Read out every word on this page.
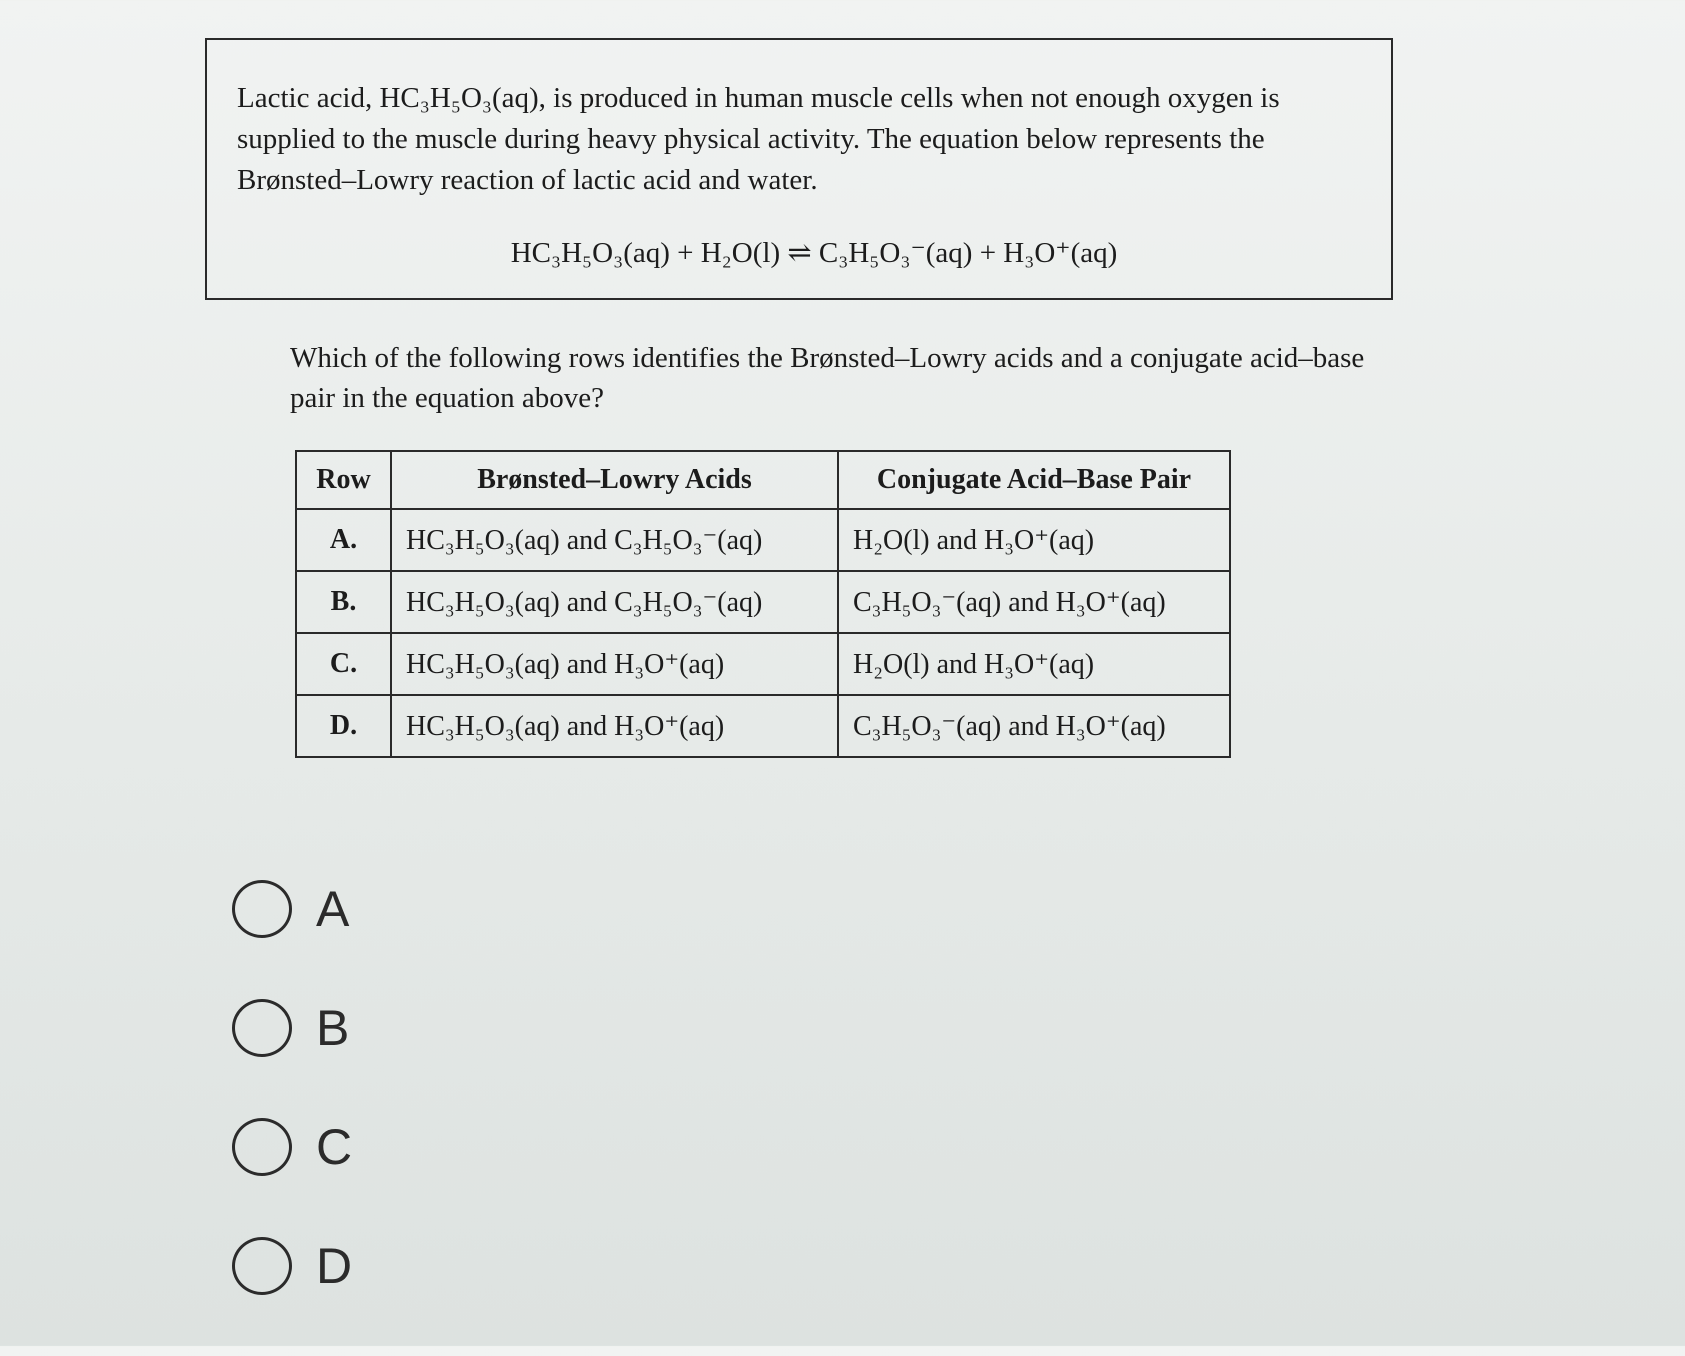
Lactic acid, HC₃H₅O₃(aq), is produced in human muscle cells when not enough oxygen is supplied to the muscle during heavy physical activity. The equation below represents the Brønsted–Lowry reaction of lactic acid and water.

HC₃H₅O₃(aq) + H₂O(l) ⇌ C₃H₅O₃⁻(aq) + H₃O⁺(aq)

Which of the following rows identifies the Brønsted–Lowry acids and a conjugate acid–base pair in the equation above?

Row	Brønsted–Lowry Acids	Conjugate Acid–Base Pair
A.	HC₃H₅O₃(aq) and C₃H₅O₃⁻(aq)	H₂O(l) and H₃O⁺(aq)
B.	HC₃H₅O₃(aq) and C₃H₅O₃⁻(aq)	C₃H₅O₃⁻(aq) and H₃O⁺(aq)
C.	HC₃H₅O₃(aq) and H₃O⁺(aq)	H₂O(l) and H₃O⁺(aq)
D.	HC₃H₅O₃(aq) and H₃O⁺(aq)	C₃H₅O₃⁻(aq) and H₃O⁺(aq)
A
B
C
D
